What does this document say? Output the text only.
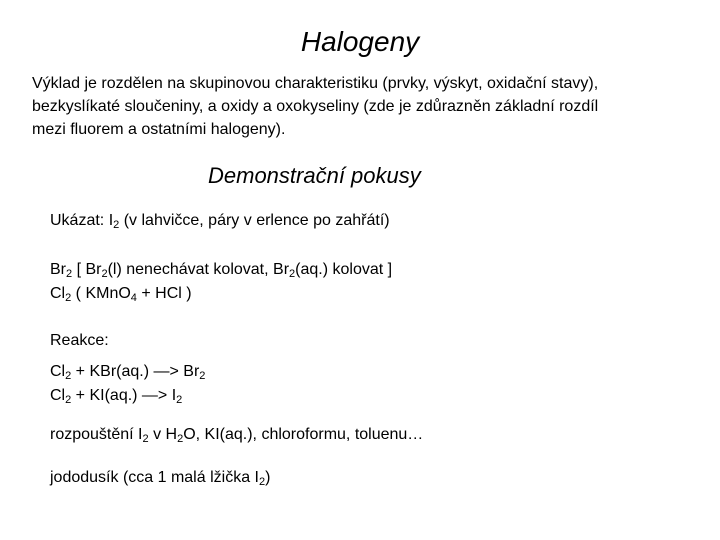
Halogeny

Výklad je rozdělen na skupinovou charakteristiku (prvky, výskyt, oxidační stavy),

bezkyslíkaté sloučeniny, a oxidy a oxokyseliny (zde je zdůrazněn základní rozdíl

mezi fluorem a ostatními halogeny).

Demonstrační pokusy

Ukázat: $I_2$ (v lahvičce, páry v erlence po zahřátí)

$Br_2$ [ $Br_2(l)$ nenechávat kolovat, $Br_2(aq.)$ kolovat ]

$Cl_2$ ( KMnO$_4$ + HCl )

Reakce:

$Cl_2 + KBr(aq.)$ —> $Br_2$

$Cl_2 + KI(aq.)$ —> $I_2$

rozpouštění $I_2$ v $H_2O$, KI(aq.), chloroformu, toluenu…

jododusík (cca 1 malá lžička $I_2$)
